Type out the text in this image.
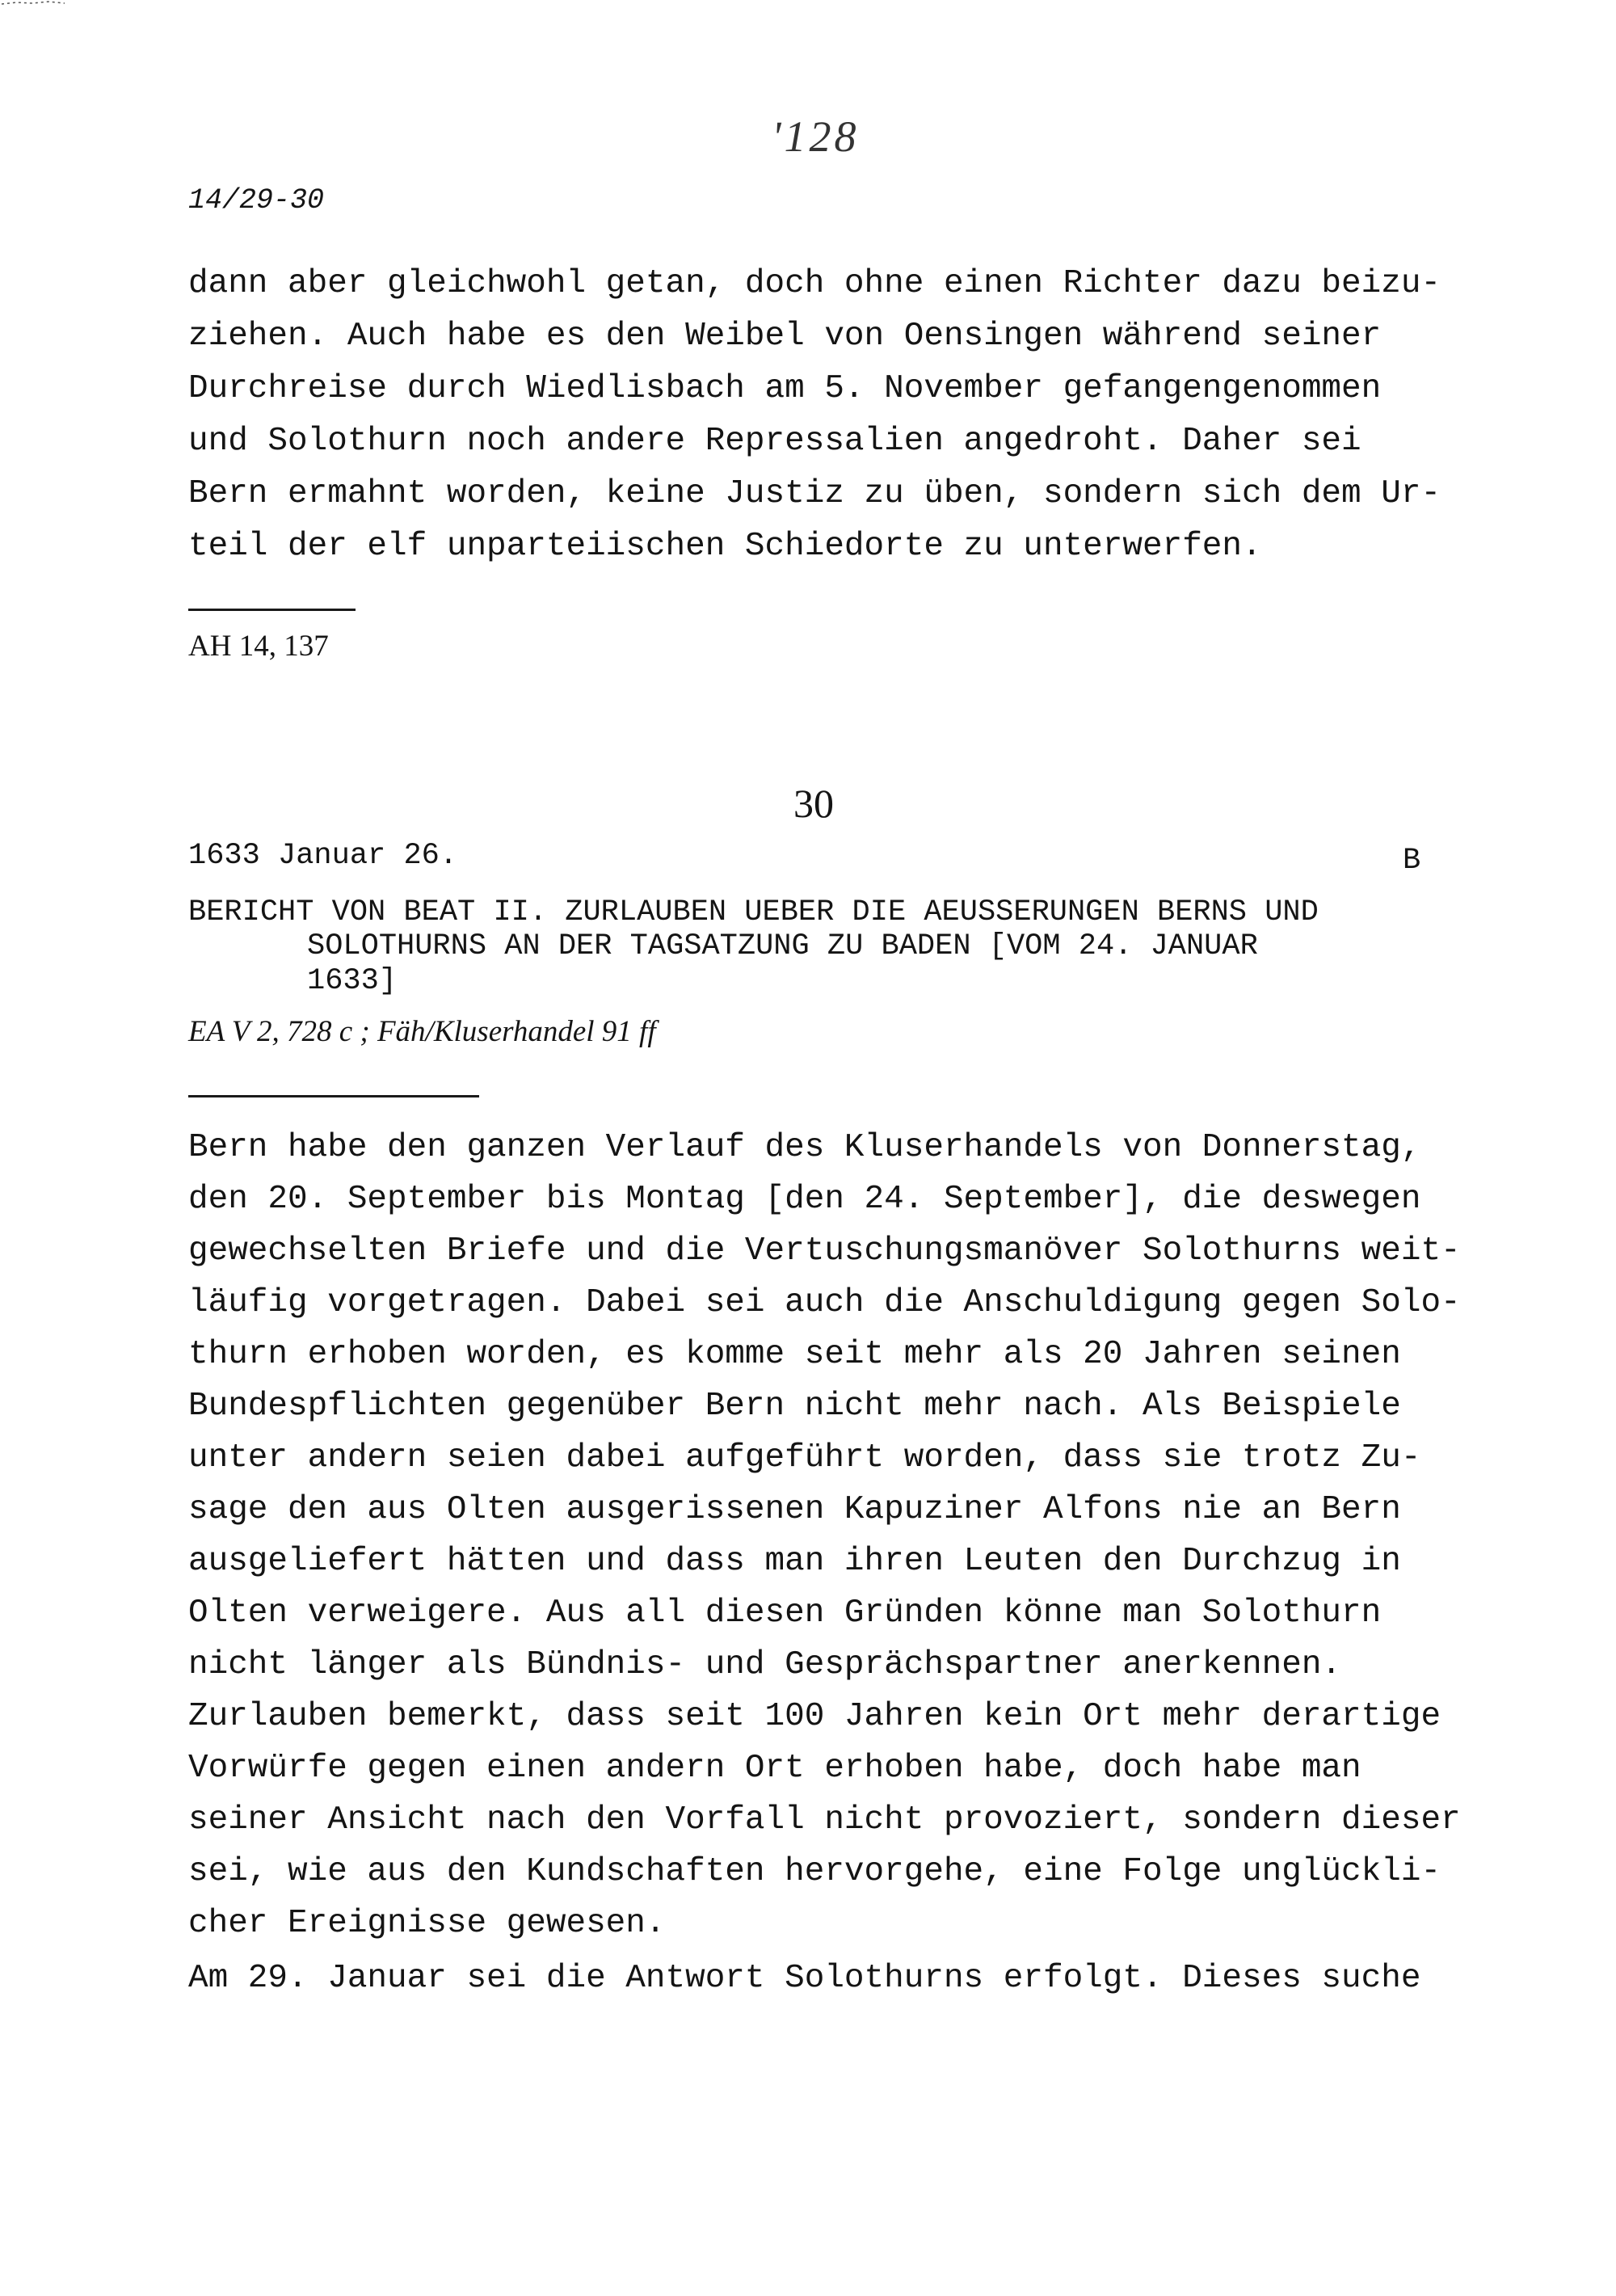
'128
14/29-30
dann aber gleichwohl getan, doch ohne einen Richter dazu beizu-
ziehen. Auch habe es den Weibel von Oensingen während seiner
Durchreise durch Wiedlisbach am 5. November gefangengenommen
und Solothurn noch andere Repressalien angedroht. Daher sei
Bern ermahnt worden, keine Justiz zu üben, sondern sich dem Ur-
teil der elf unparteiischen Schiedorte zu unterwerfen.
AH 14, 137
30
1633 Januar 26.	B
BERICHT VON BEAT II. ZURLAUBEN UEBER DIE AEUSSERUNGEN BERNS UND
SOLOTHURNS AN DER TAGSATZUNG ZU BADEN [VOM 24. JANUAR
1633]
EA V 2, 728 c ; Fäh/Kluserhandel 91 ff
Bern habe den ganzen Verlauf des Kluserhandels von Donnerstag,
den 20. September bis Montag [den 24. September], die deswegen
gewechselten Briefe und die Vertuschungsmanöver Solothurns weit-
läufig vorgetragen. Dabei sei auch die Anschuldigung gegen Solo-
thurn erhoben worden, es komme seit mehr als 20 Jahren seinen
Bundespflichten gegenüber Bern nicht mehr nach. Als Beispiele
unter andern seien dabei aufgeführt worden, dass sie trotz Zu-
sage den aus Olten ausgerissenen Kapuziner Alfons nie an Bern
ausgeliefert hätten und dass man ihren Leuten den Durchzug in
Olten verweigere. Aus all diesen Gründen könne man Solothurn
nicht länger als Bündnis- und Gesprächspartner anerkennen.
Zurlauben bemerkt, dass seit 100 Jahren kein Ort mehr derartige
Vorwürfe gegen einen andern Ort erhoben habe, doch habe man
seiner Ansicht nach den Vorfall nicht provoziert, sondern dieser
sei, wie aus den Kundschaften hervorgehe, eine Folge unglückli-
cher Ereignisse gewesen.
Am 29. Januar sei die Antwort Solothurns erfolgt. Dieses suche
